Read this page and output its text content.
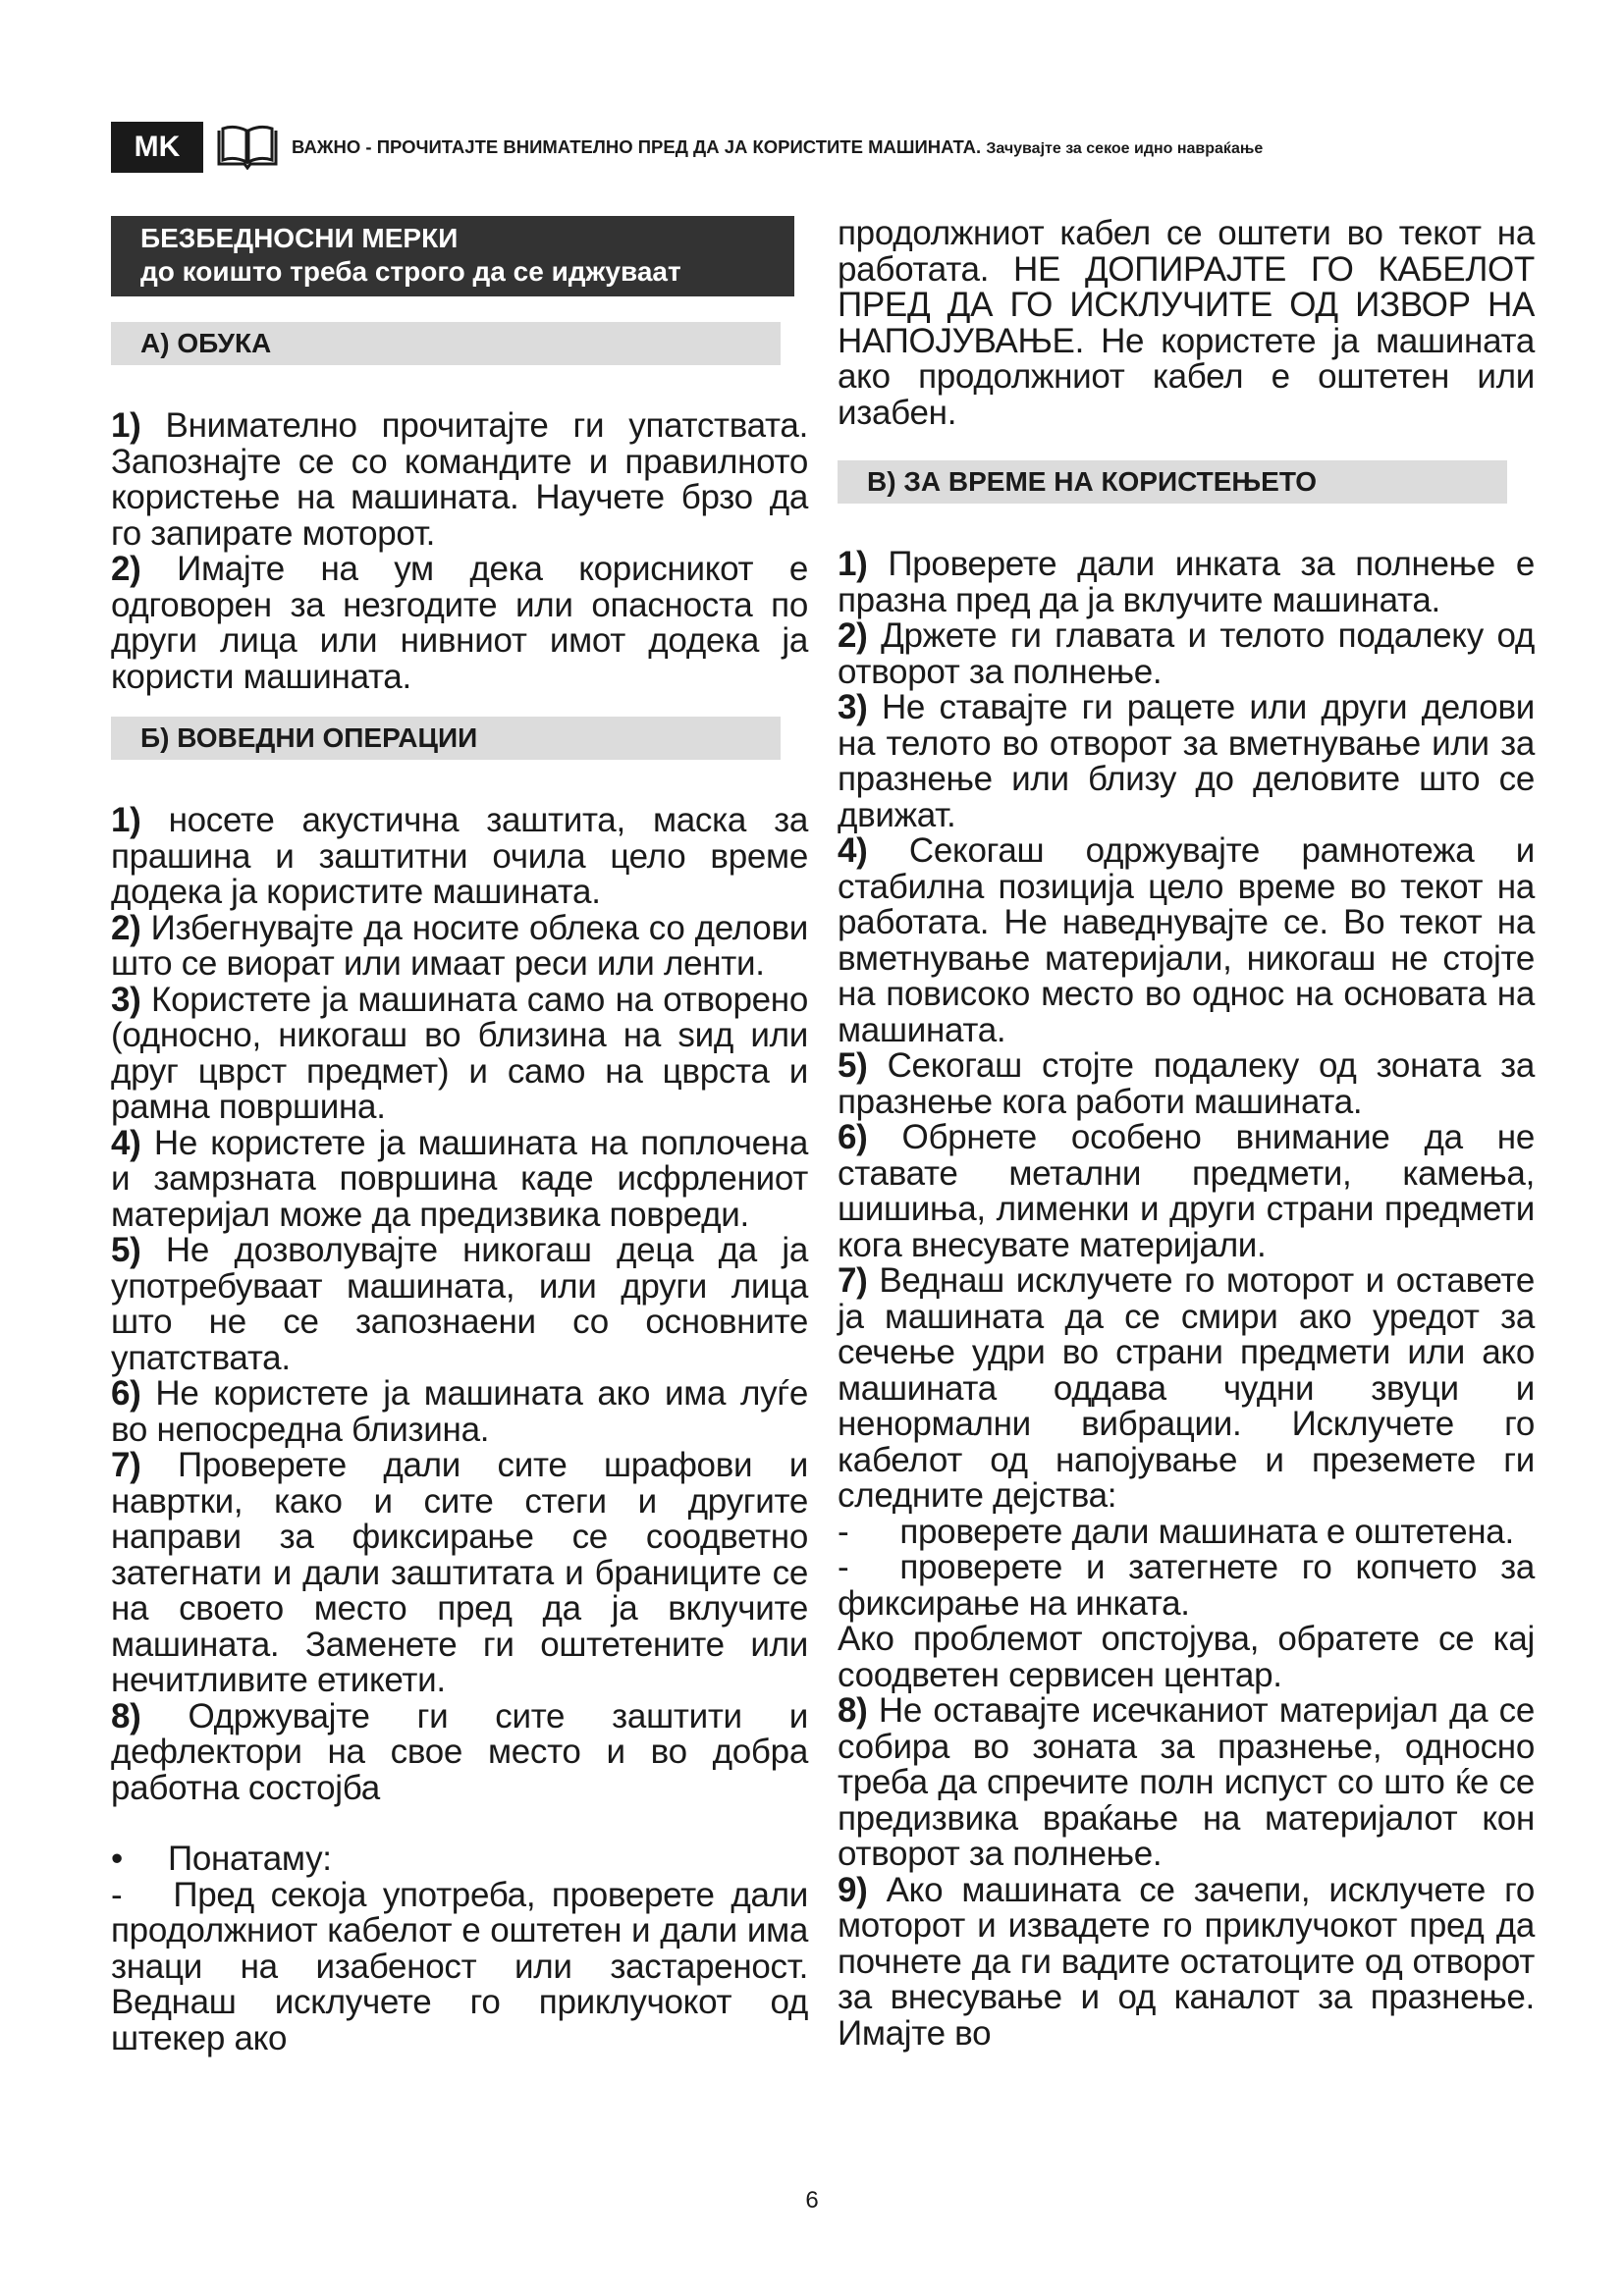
MK	ВАЖНО - ПРОЧИТАЈТЕ ВНИМАТЕЛНО ПРЕД ДА ЈА КОРИСТИТЕ МАШИНАТА. Зачувајте за секое идно навраќање
БЕЗБЕДНОСНИ МЕРКИ
до коишто треба строго да се иджуваат
А) ОБУКА

1) Внимателно прочитајте ги упатствата. Запознајте се со командите и правилното користење на машината. Научете брзо да го запирате моторот.

2) Имајте на ум дека корисникот е одговорен за незгодите или опасноста по други лица или нивниот имот додека ја користи машината.

Б) ВОВЕДНИ ОПЕРАЦИИ

1) носете акустична заштита, маска за прашина и заштитни очила цело време додека ја користите машината.

2) Избегнувајте да носите облека со делови што се виорат или имаат реси или ленти.

3) Користете ја машината само на отворено (односно, никогаш во близина на ѕид или друг цврст предмет) и само на цврста и рамна површина.

4) Не користете ја машината на поплочена и замрзната површина каде исфрлениот материјал може да предизвика повреди.

5) Не дозволувајте никогаш деца да ја употребуваат машината, или други лица што не се запознаени со основните упатствата.

6) Не користете ја машината ако има луѓе во непосредна близина.

7) Проверете дали сите шрафови и навртки, како и сите стеги и другите направи за фиксирање се соодветно затегнати и дали заштитата и браниците се на своето место пред да ја вклучите машината. Заменете ги оштетените или нечитливите етикети.

8) Одржувајте ги сите заштити и дефлектори на свое место и во добра работна состојба

• Понатаму:

- Пред секоја употреба, проверете дали продолжниот кабелот е оштетен и дали има знаци на изабеност или застареност. Веднаш исклучете го приклучокот од штекер ако

продолжниот кабел се оштети во текот на работата. НЕ ДОПИРАЈТЕ ГО КАБЕЛОТ ПРЕД ДА ГО ИСКЛУЧИТЕ ОД ИЗВОР НА НАПОЈУВАЊЕ. Не користете ја машината ако продолжниот кабел е оштетен или изабен.

В) ЗА ВРЕМЕ НА КОРИСТЕЊЕТО

1) Проверете дали инката за полнење е празна пред да ја вклучите машината.

2) Држете ги главата и телото подалеку од отворот за полнење.

3) Не ставајте ги рацете или други делови на телото во отворот за вметнување или за празнење или близу до деловите што се движат.

4) Секогаш одржувајте рамнотежа и стабилна позиција цело време во текот на работата. Не наведнувајте се. Во текот на вметнување материјали, никогаш не стојте на повисоко место во однос на основата на машината.

5) Секогаш стојте подалеку од зоната за празнење кога работи машината.

6) Обрнете особено внимание да не ставате метални предмети, камења, шишиња, лименки и други страни предмети кога внесувате материјали.

7) Веднаш исклучете го моторот и оставете ја машината да се смири ако уредот за сечење удри во страни предмети или ако машината оддава чудни звуци и ненормални вибрации. Исклучете го кабелот од напојување и преземете ги следните дејства:

- проверете дали машината е оштетена.

- проверете и затегнете го копчето за фиксирање на инката.

Ако проблемот опстојува, обратете се кај соодветен сервисен центар.

8) Не оставајте исечканиот материјал да се собира во зоната за празнење, односно треба да спречите полн испуст со што ќе се предизвика враќање на материјалот кон отворот за полнење.

9) Ако машината се зачепи, исклучете го моторот и извадете го приклучокот пред да почнете да ги вадите остатоците од отворот за внесување и од каналот за празнење. Имајте во

6
